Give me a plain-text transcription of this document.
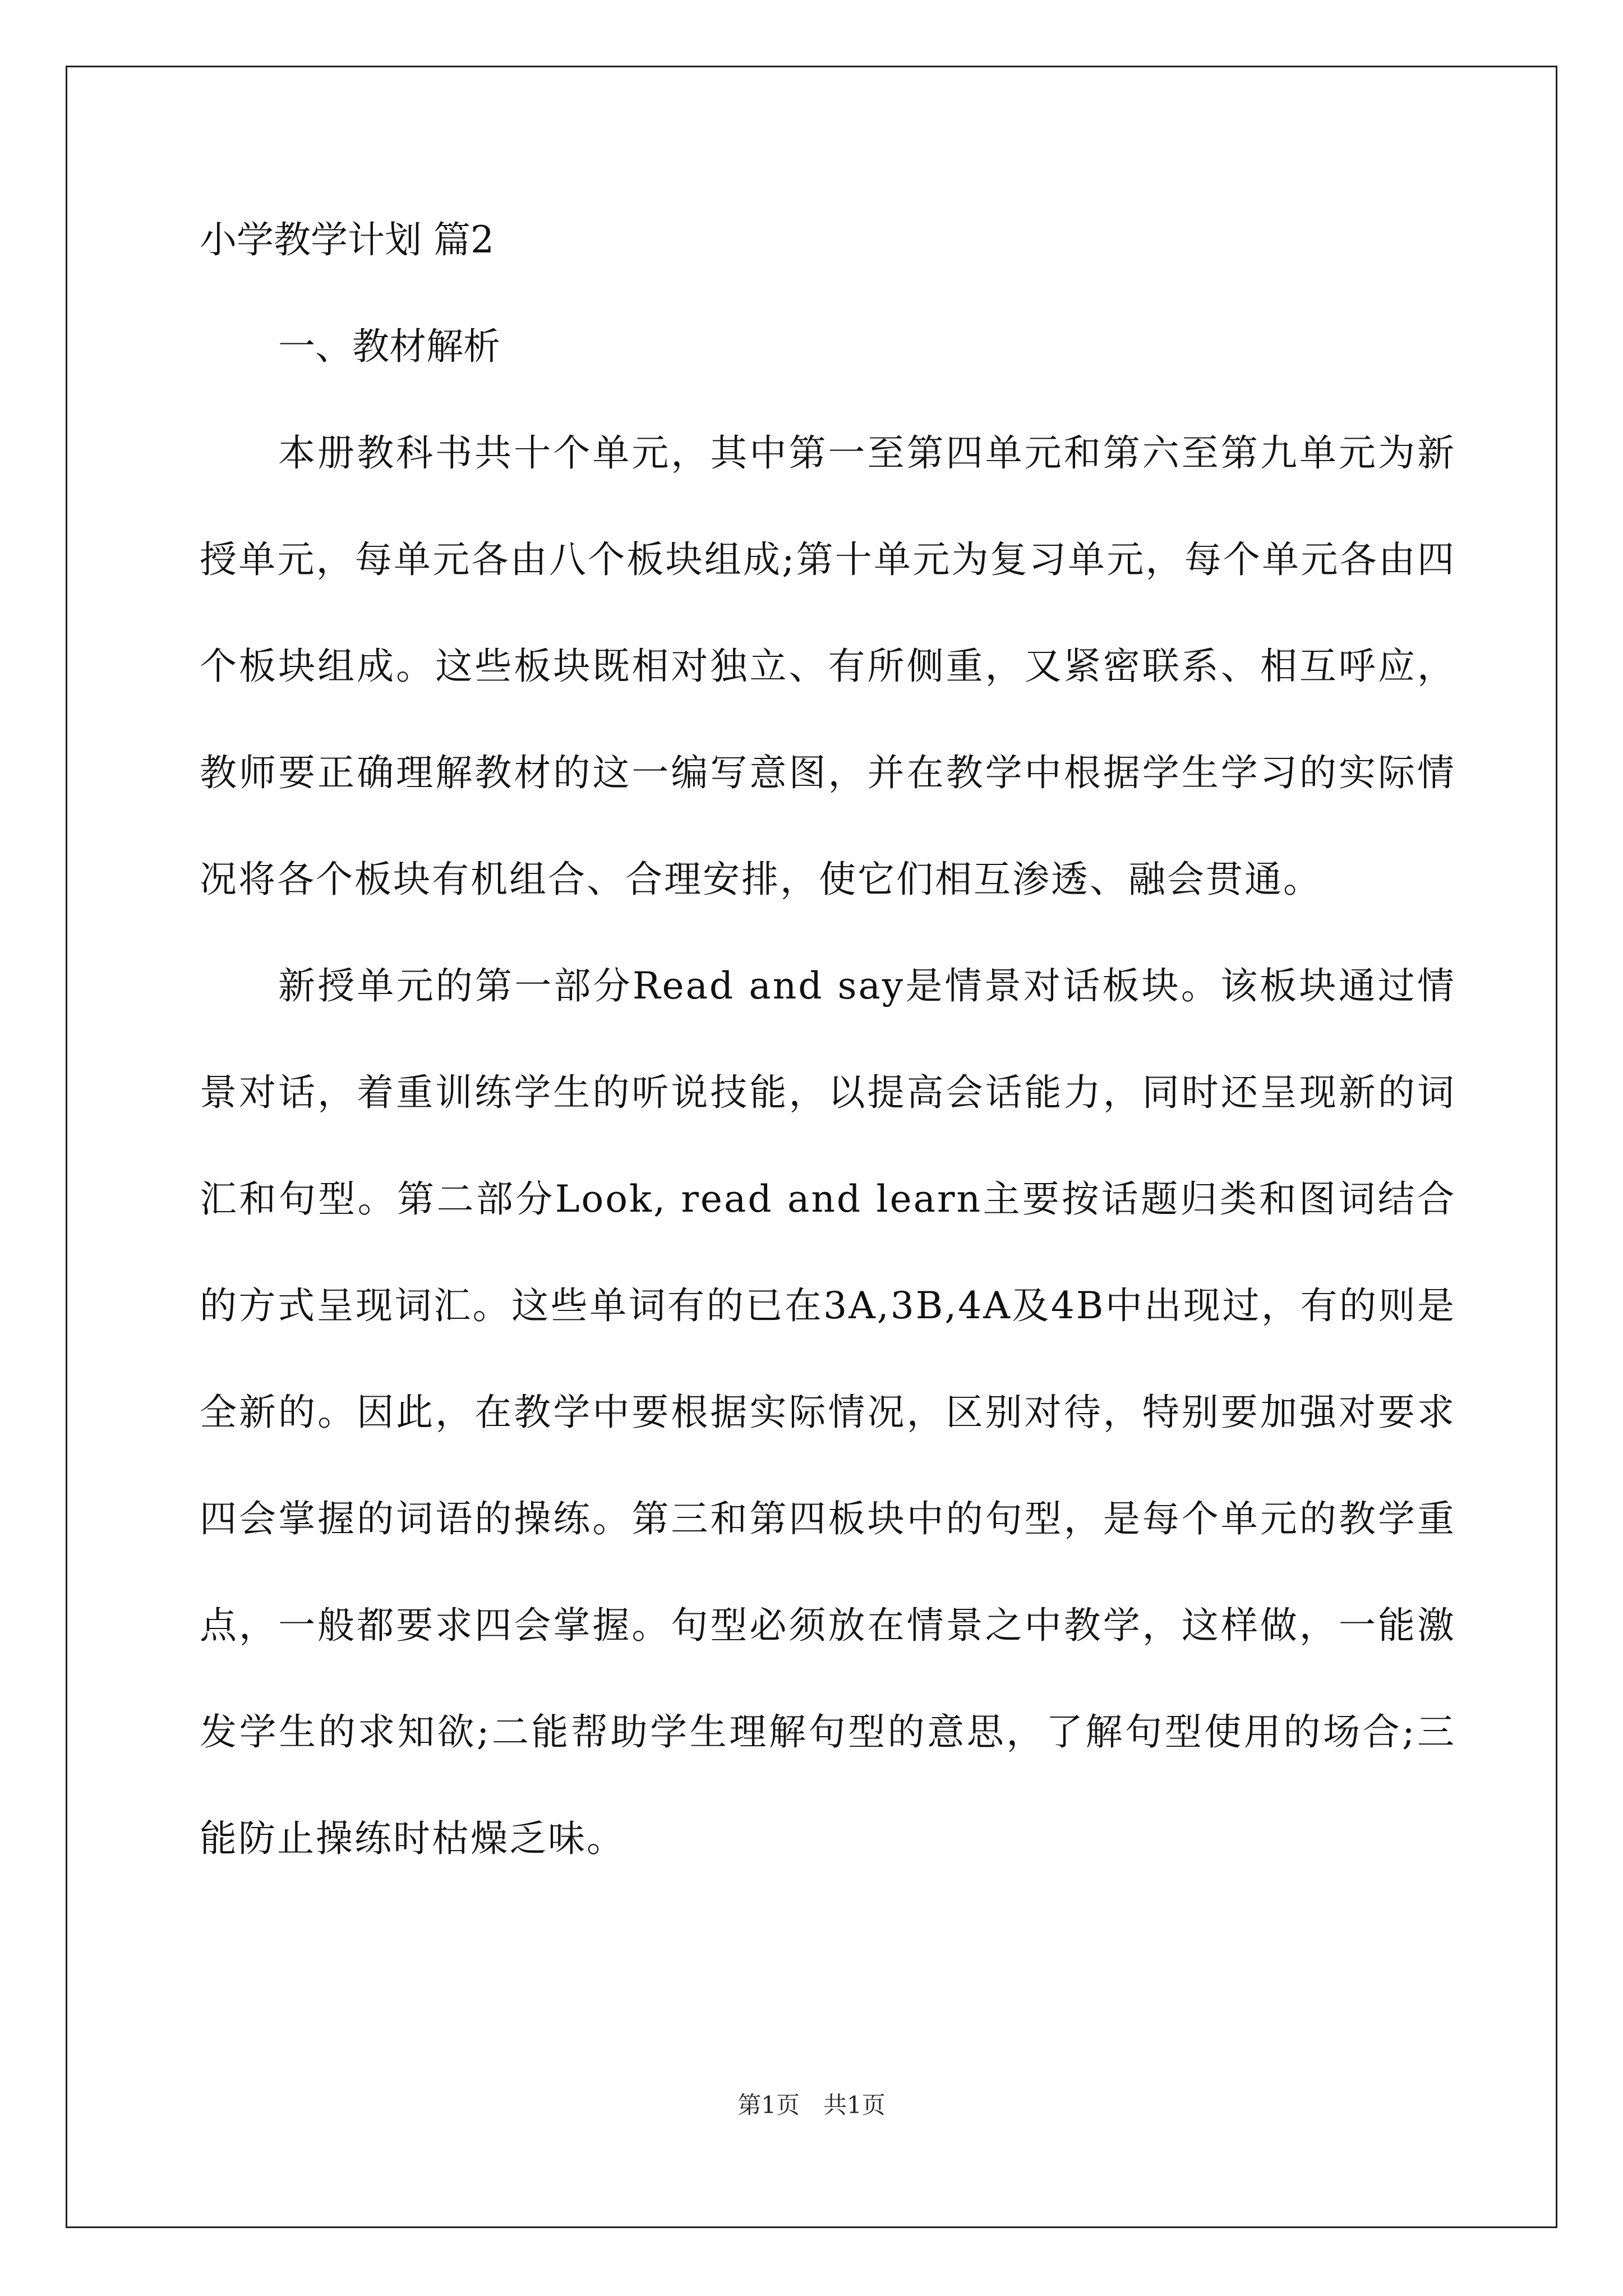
小学教学计划 篇2
一、教材解析

本册教科书共十个单元，其中第一至第四单元和第六至第九单元为新授单元，每单元各由八个板块组成;第十单元为复习单元，每个单元各由四个板块组成。这些板块既相对独立、有所侧重，又紧密联系、相互呼应，教师要正确理解教材的这一编写意图，并在教学中根据学生学习的实际情况将各个板块有机组合、合理安排，使它们相互渗透、融会贯通。

新授单元的第一部分Read and say是情景对话板块。该板块通过情景对话，着重训练学生的听说技能，以提高会话能力，同时还呈现新的词汇和句型。第二部分Look, read and learn主要按话题归类和图词结合的方式呈现词汇。这些单词有的已在3A,3B,4A及4B中出现过，有的则是全新的。因此，在教学中要根据实际情况，区别对待，特别要加强对要求四会掌握的词语的操练。第三和第四板块中的句型，是每个单元的教学重点，一般都要求四会掌握。句型必须放在情景之中教学，这样做，一能激发学生的求知欲;二能帮助学生理解句型的意思，了解句型使用的场合;三能防止操练时枯燥乏味。

第1页　共1页
